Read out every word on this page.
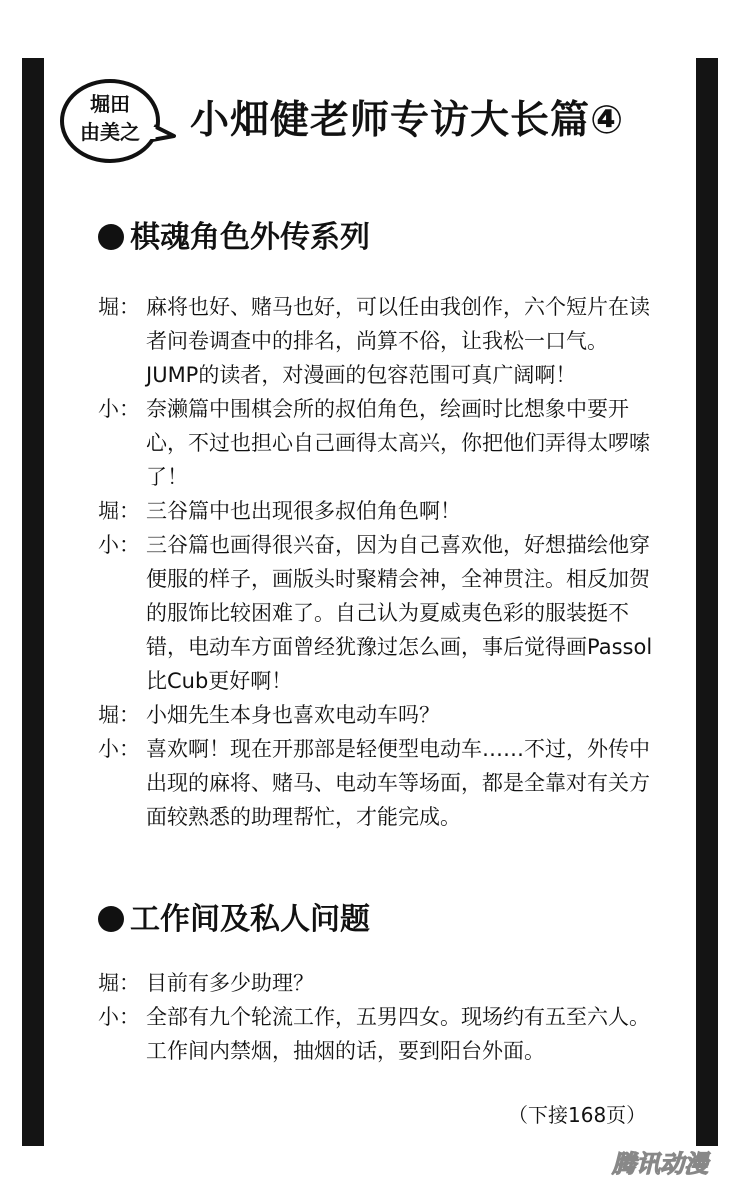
堀田
由美之	小畑健老师专访大长篇④
棋魂角色外传系列
堀： 麻将也好、赌马也好，可以任由我创作，六个短片在读者问卷调查中的排名，尚算不俗，让我松一口气。JUMP的读者，对漫画的包容范围可真广阔啊！
小： 奈濑篇中围棋会所的叔伯角色，绘画时比想象中要开心，不过也担心自己画得太高兴，你把他们弄得太啰嗦了！
堀： 三谷篇中也出现很多叔伯角色啊！
小： 三谷篇也画得很兴奋，因为自己喜欢他，好想描绘他穿便服的样子，画版头时聚精会神，全神贯注。相反加贺的服饰比较困难了。自己认为夏威夷色彩的服装挺不错，电动车方面曾经犹豫过怎么画，事后觉得画Passol比Cub更好啊！
堀： 小畑先生本身也喜欢电动车吗？
小： 喜欢啊！现在开那部是轻便型电动车……不过，外传中出现的麻将、赌马、电动车等场面，都是全靠对有关方面较熟悉的助理帮忙，才能完成。
工作间及私人问题
堀： 目前有多少助理？
小： 全部有九个轮流工作，五男四女。现场约有五至六人。工作间内禁烟，抽烟的话，要到阳台外面。
（下接168页）
腾讯动漫
